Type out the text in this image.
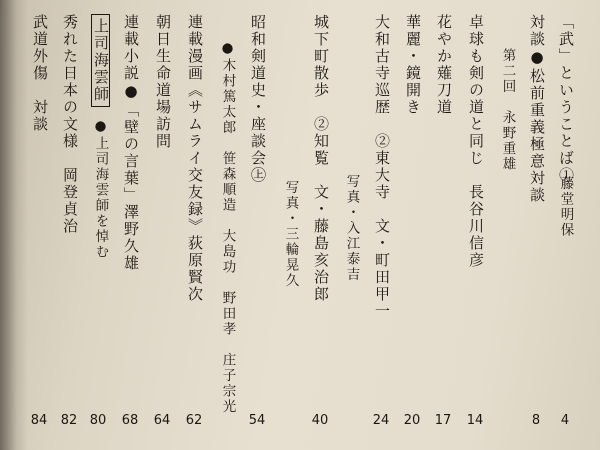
「武」ということば①
藤堂明保
対談●松前重義極意対談
第二回　永野重雄
卓球も剣の道と同じ　長谷川信彦
花やか薙刀道
華麗・鏡開き
大和古寺巡歴　②東大寺　文・町田甲一
写真・入江泰吉
城下町散歩　②知覧　文・藤島亥治郎
写真・三輪晃久
昭和剣道史・座談会㊤
●木村篤太郎　笹森順造　大島功　野田孝　庄子宗光
連載漫画《サムライ交友録》荻原賢次
朝日生命道場訪問
連載小説●「壁の言葉」澤野久雄
上司海雲師
●上司海雲師を悼む
秀れた日本の文様　岡登貞治
武道外傷　対談

4
8
14
17
20
24
40
54
62
64
68
80
82
84
